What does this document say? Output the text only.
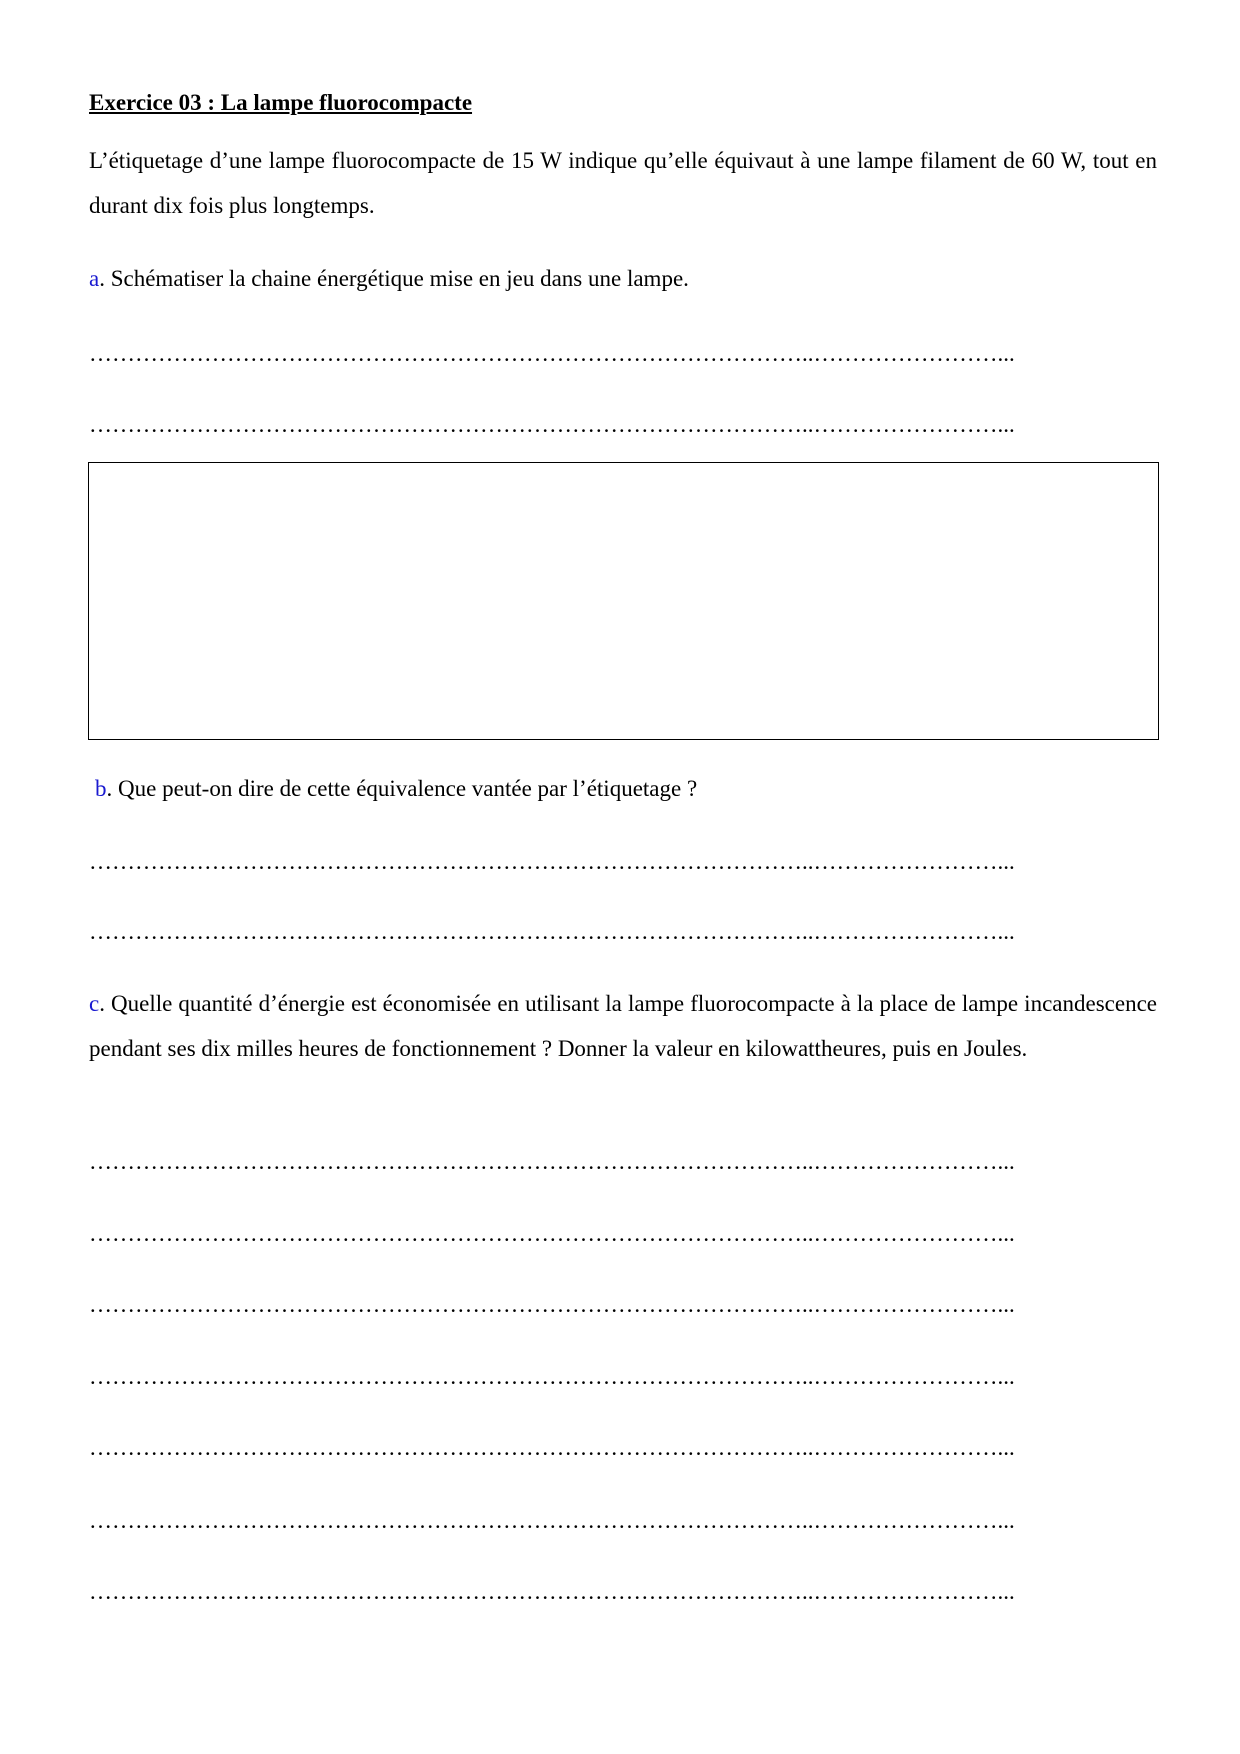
Exercice 03 : La lampe fluorocompacte

L’étiquetage d’une lampe fluorocompacte de 15 W indique qu’elle équivaut à une lampe filament de 60 W, tout en durant dix fois plus longtemps.

a. Schématiser la chaine énergétique mise en jeu dans une lampe.

…………………………………………………………………………………..……………………...
…………………………………………………………………………………..……………………...

b. Que peut-on dire de cette équivalence vantée par l’étiquetage ?

…………………………………………………………………………………..……………………...
…………………………………………………………………………………..……………………...

c. Quelle quantité d’énergie est économisée en utilisant la lampe fluorocompacte à la place de lampe incandescence pendant ses dix milles heures de fonctionnement ? Donner la valeur en kilowattheures, puis en Joules.

…………………………………………………………………………………..……………………...
…………………………………………………………………………………..……………………...
…………………………………………………………………………………..……………………...
…………………………………………………………………………………..……………………...
…………………………………………………………………………………..……………………...
…………………………………………………………………………………..……………………...
…………………………………………………………………………………..……………………...
